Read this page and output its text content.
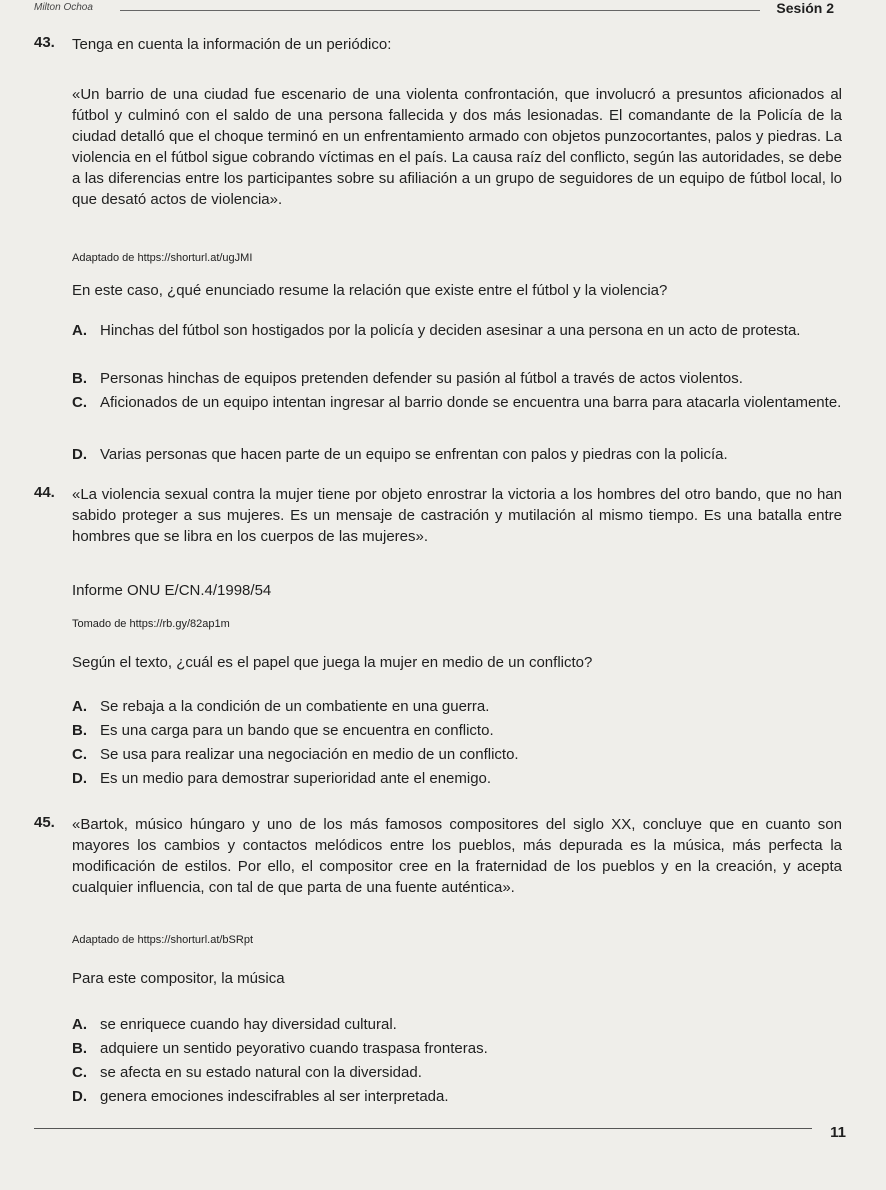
Milton Ochoa	Sesión 2
43. Tenga en cuenta la información de un periódico:
«Un barrio de una ciudad fue escenario de una violenta confrontación, que involucró a presuntos aficionados al fútbol y culminó con el saldo de una persona fallecida y dos más lesionadas. El comandante de la Policía de la ciudad detalló que el choque terminó en un enfrentamiento armado con objetos punzocortantes, palos y piedras. La violencia en el fútbol sigue cobrando víctimas en el país. La causa raíz del conflicto, según las autoridades, se debe a las diferencias entre los participantes sobre su afiliación a un grupo de seguidores de un equipo de fútbol local, lo que desató actos de violencia».
Adaptado de https://shorturl.at/ugJMI
En este caso, ¿qué enunciado resume la relación que existe entre el fútbol y la violencia?
A. Hinchas del fútbol son hostigados por la policía y deciden asesinar a una persona en un acto de protesta.
B. Personas hinchas de equipos pretenden defender su pasión al fútbol a través de actos violentos.
C. Aficionados de un equipo intentan ingresar al barrio donde se encuentra una barra para atacarla violentamente.
D. Varias personas que hacen parte de un equipo se enfrentan con palos y piedras con la policía.
44. «La violencia sexual contra la mujer tiene por objeto enrostrar la victoria a los hombres del otro bando, que no han sabido proteger a sus mujeres. Es un mensaje de castración y mutilación al mismo tiempo. Es una batalla entre hombres que se libra en los cuerpos de las mujeres».
Informe ONU E/CN.4/1998/54
Tomado de https://rb.gy/82ap1m
Según el texto, ¿cuál es el papel que juega la mujer en medio de un conflicto?
A. Se rebaja a la condición de un combatiente en una guerra.
B. Es una carga para un bando que se encuentra en conflicto.
C. Se usa para realizar una negociación en medio de un conflicto.
D. Es un medio para demostrar superioridad ante el enemigo.
45. «Bartok, músico húngaro y uno de los más famosos compositores del siglo XX, concluye que en cuanto son mayores los cambios y contactos melódicos entre los pueblos, más depurada es la música, más perfecta la modificación de estilos. Por ello, el compositor cree en la fraternidad de los pueblos y en la creación, y acepta cualquier influencia, con tal de que parta de una fuente auténtica».
Adaptado de https://shorturl.at/bSRpt
Para este compositor, la música
A. se enriquece cuando hay diversidad cultural.
B. adquiere un sentido peyorativo cuando traspasa fronteras.
C. se afecta en su estado natural con la diversidad.
D. genera emociones indescifrables al ser interpretada.
11
